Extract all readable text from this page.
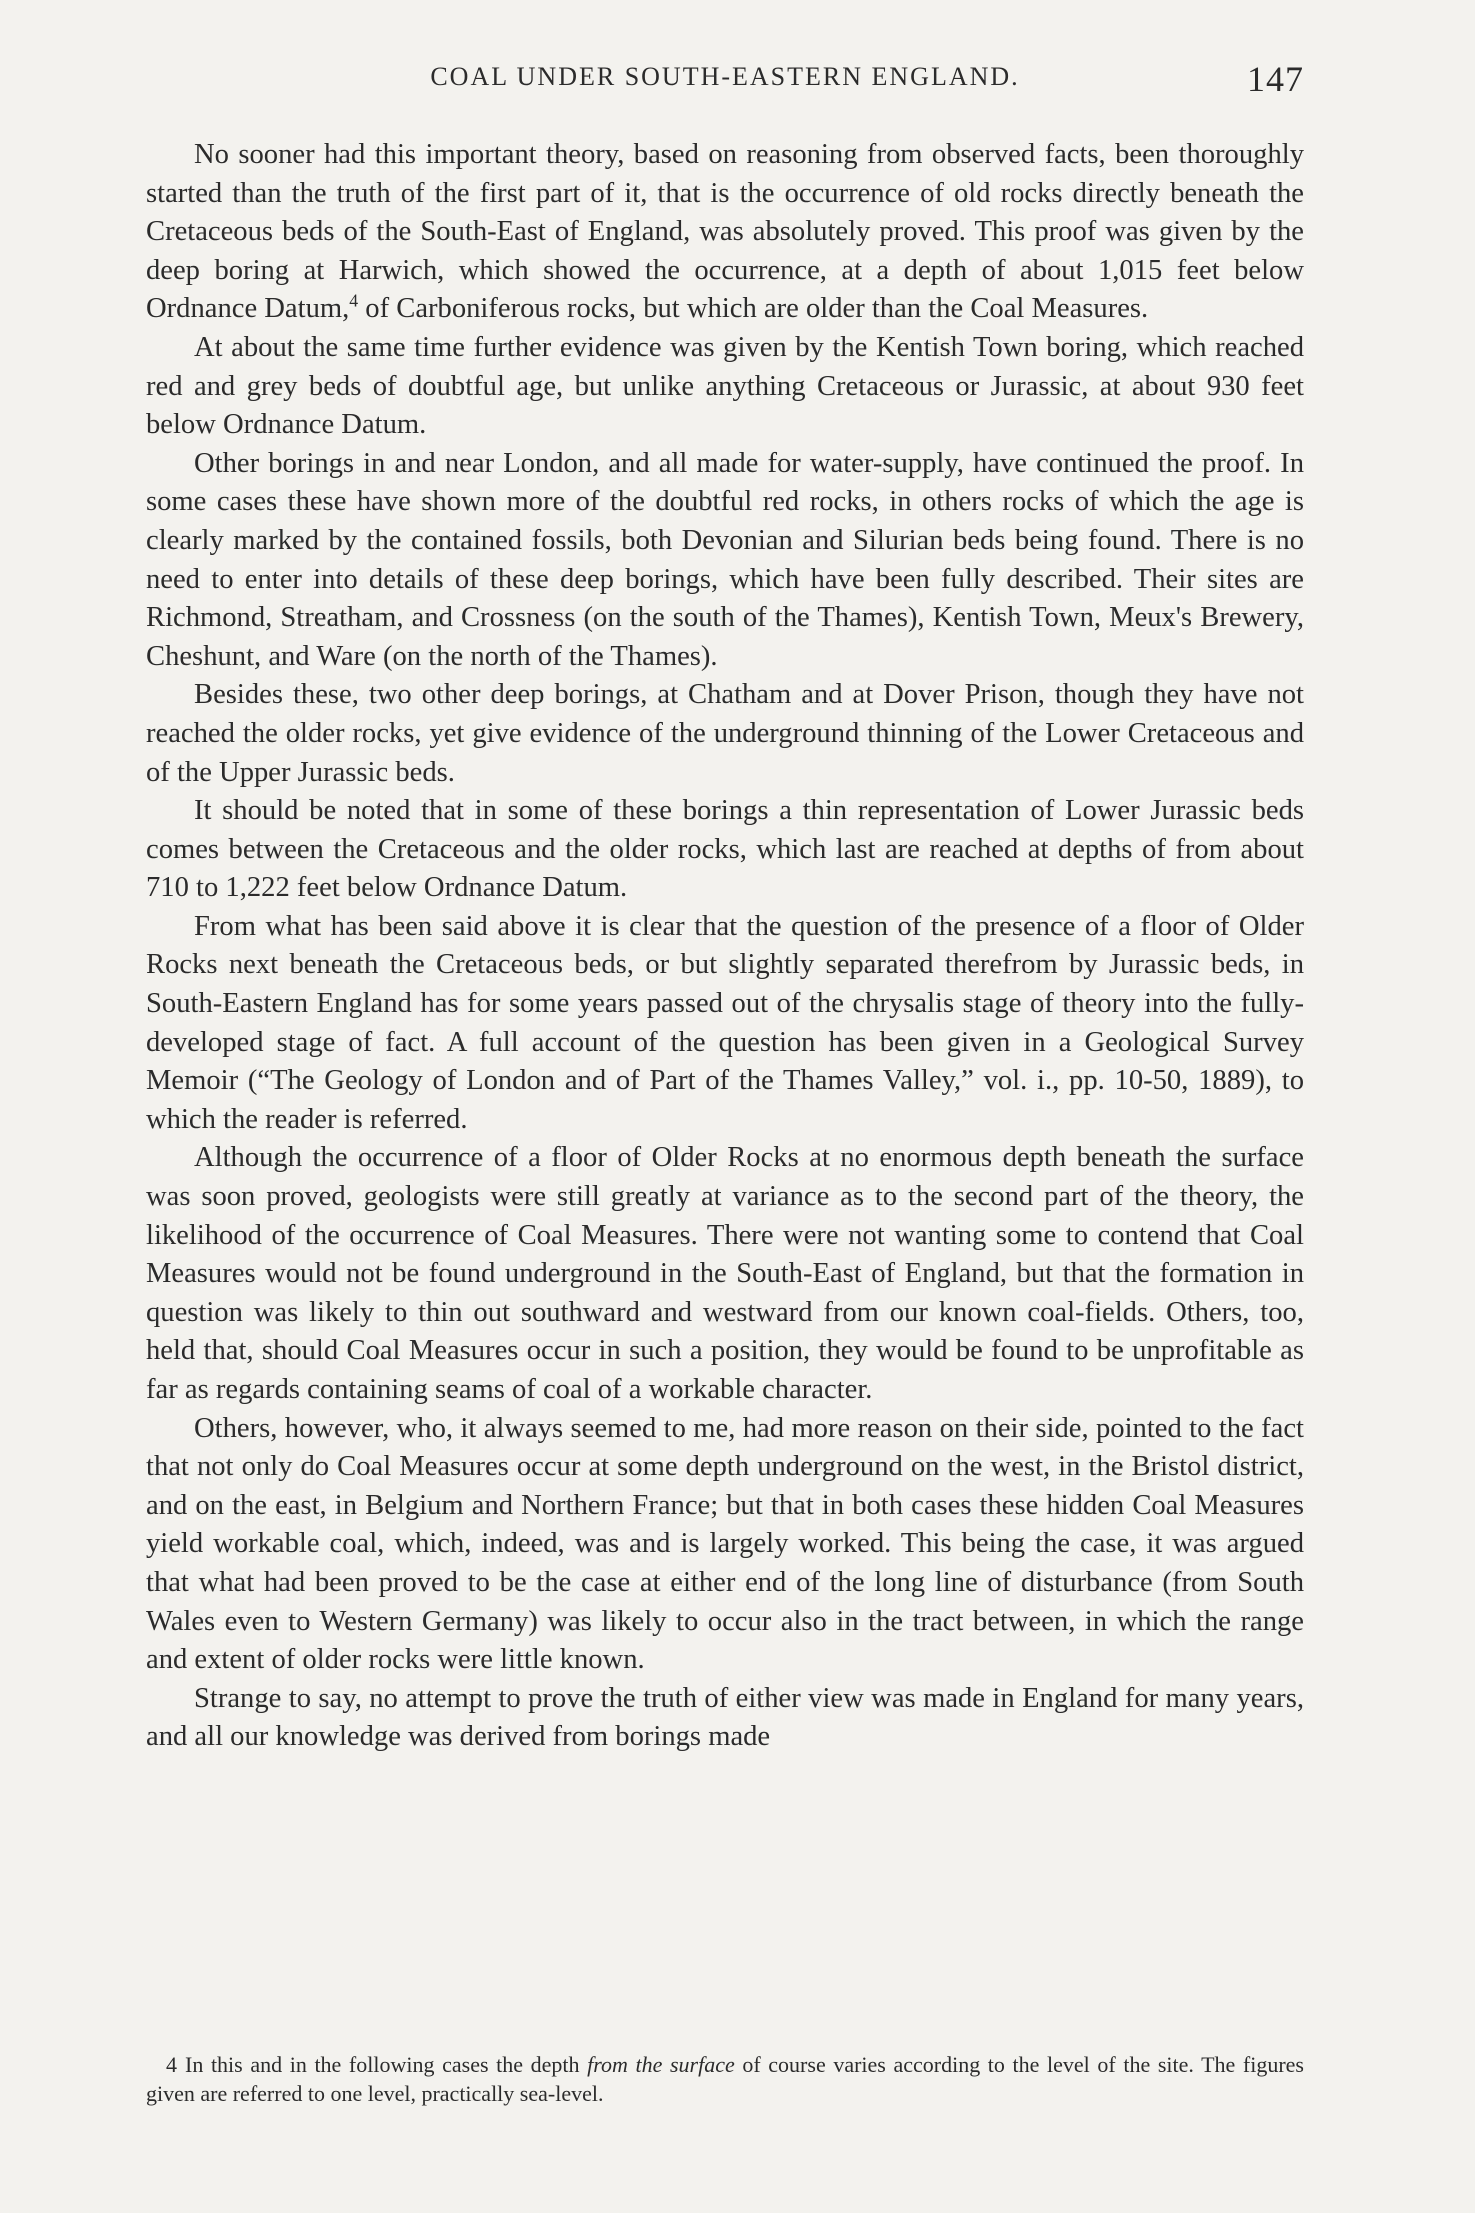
COAL UNDER SOUTH-EASTERN ENGLAND.	147

No sooner had this important theory, based on reasoning from observed facts, been thoroughly started than the truth of the first part of it, that is the occurrence of old rocks directly beneath the Cretaceous beds of the South-East of England, was absolutely proved. This proof was given by the deep boring at Harwich, which showed the occurrence, at a depth of about 1,015 feet below Ordnance Datum,$^4$ of Carboniferous rocks, but which are older than the Coal Measures.

At about the same time further evidence was given by the Kentish Town boring, which reached red and grey beds of doubtful age, but unlike anything Cretaceous or Jurassic, at about 930 feet below Ordnance Datum.

Other borings in and near London, and all made for water-supply, have continued the proof. In some cases these have shown more of the doubtful red rocks, in others rocks of which the age is clearly marked by the contained fossils, both Devonian and Silurian beds being found. There is no need to enter into details of these deep borings, which have been fully described. Their sites are Richmond, Streatham, and Crossness (on the south of the Thames), Kentish Town, Meux's Brewery, Cheshunt, and Ware (on the north of the Thames).

Besides these, two other deep borings, at Chatham and at Dover Prison, though they have not reached the older rocks, yet give evidence of the underground thinning of the Lower Cretaceous and of the Upper Jurassic beds.

It should be noted that in some of these borings a thin representation of Lower Jurassic beds comes between the Cretaceous and the older rocks, which last are reached at depths of from about 710 to 1,222 feet below Ordnance Datum.

From what has been said above it is clear that the question of the presence of a floor of Older Rocks next beneath the Cretaceous beds, or but slightly separated therefrom by Jurassic beds, in South-Eastern England has for some years passed out of the chrysalis stage of theory into the fully-developed stage of fact. A full account of the question has been given in a Geological Survey Memoir (“The Geology of London and of Part of the Thames Valley,” vol. i., pp. 10-50, 1889), to which the reader is referred.

Although the occurrence of a floor of Older Rocks at no enormous depth beneath the surface was soon proved, geologists were still greatly at variance as to the second part of the theory, the likelihood of the occurrence of Coal Measures. There were not wanting some to contend that Coal Measures would not be found underground in the South-East of England, but that the formation in question was likely to thin out southward and westward from our known coal-fields. Others, too, held that, should Coal Measures occur in such a position, they would be found to be unprofitable as far as regards containing seams of coal of a workable character.

Others, however, who, it always seemed to me, had more reason on their side, pointed to the fact that not only do Coal Measures occur at some depth underground on the west, in the Bristol district, and on the east, in Belgium and Northern France; but that in both cases these hidden Coal Measures yield workable coal, which, indeed, was and is largely worked. This being the case, it was argued that what had been proved to be the case at either end of the long line of disturbance (from South Wales even to Western Germany) was likely to occur also in the tract between, in which the range and extent of older rocks were little known.

Strange to say, no attempt to prove the truth of either view was made in England for many years, and all our knowledge was derived from borings made

4 In this and in the following cases the depth from the surface of course varies according to the level of the site. The figures given are referred to one level, practically sea-level.
